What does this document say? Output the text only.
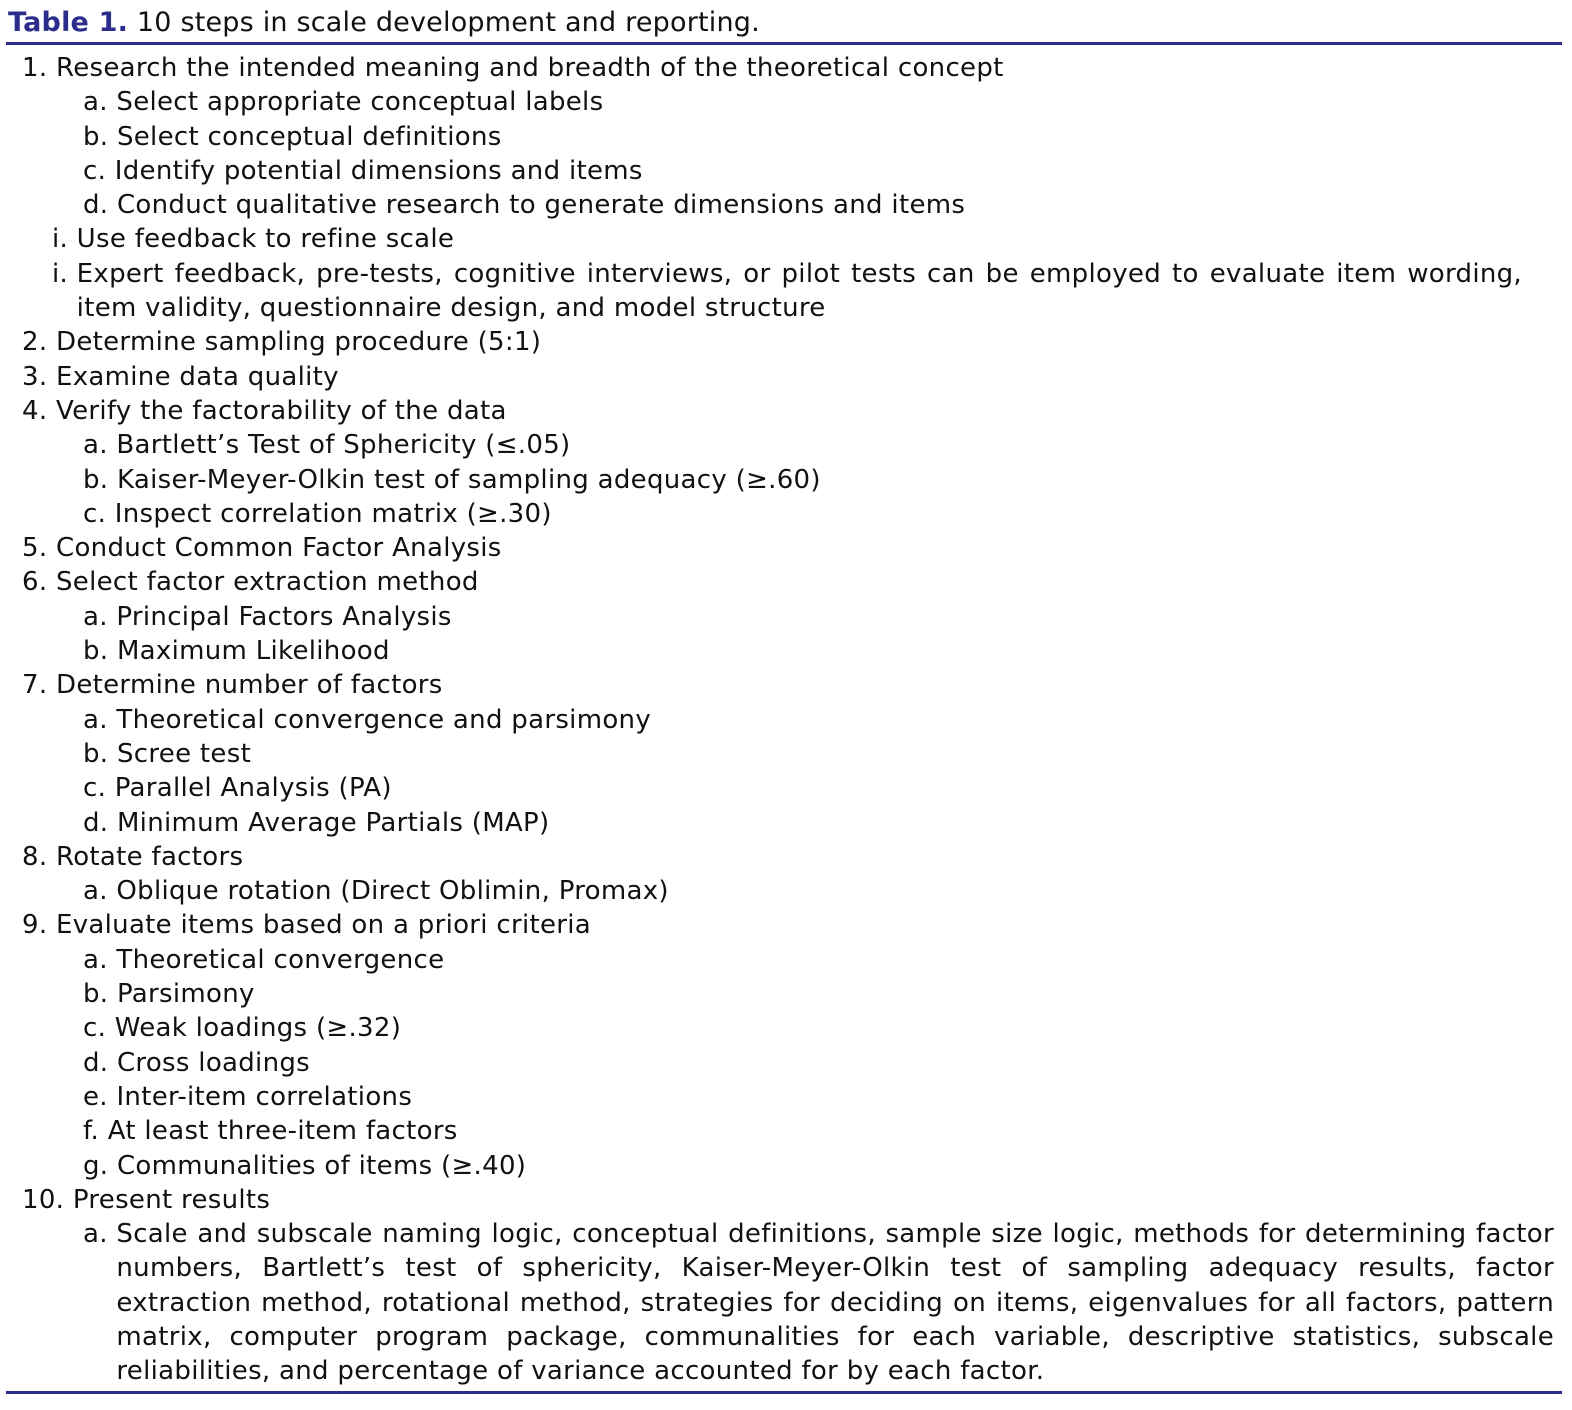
Table 1. 10 steps in scale development and reporting.
1.
Research the intended meaning and breadth of the theoretical concept
a.
Select appropriate conceptual labels
b.
Select conceptual definitions
c.
Identify potential dimensions and items
d.
Conduct qualitative research to generate dimensions and items
i.
Use feedback to refine scale
i.
Expert feedback, pre-tests, cognitive interviews, or pilot tests can be employed to evaluate item wording, item validity, questionnaire design, and model structure
2.
Determine sampling procedure (5:1)
3.
Examine data quality
4.
Verify the factorability of the data
a.
Bartlett’s Test of Sphericity (≤.05)
b.
Kaiser-Meyer-Olkin test of sampling adequacy (≥.60)
c.
Inspect correlation matrix (≥.30)
5.
Conduct Common Factor Analysis
6.
Select factor extraction method
a.
Principal Factors Analysis
b.
Maximum Likelihood
7.
Determine number of factors
a.
Theoretical convergence and parsimony
b.
Scree test
c.
Parallel Analysis (PA)
d.
Minimum Average Partials (MAP)
8.
Rotate factors
a.
Oblique rotation (Direct Oblimin, Promax)
9.
Evaluate items based on a priori criteria
a.
Theoretical convergence
b.
Parsimony
c.
Weak loadings (≥.32)
d.
Cross loadings
e.
Inter-item correlations
f.
At least three-item factors
g.
Communalities of items (≥.40)
10.
Present results
a.
Scale and subscale naming logic, conceptual definitions, sample size logic, methods for determining factor numbers, Bartlett’s test of sphericity, Kaiser-Meyer-Olkin test of sampling adequacy results, factor extraction method, rotational method, strategies for deciding on items, eigenvalues for all factors, pattern matrix, computer program package, communalities for each variable, descriptive statistics, subscale reliabilities, and percentage of variance accounted for by each factor.
